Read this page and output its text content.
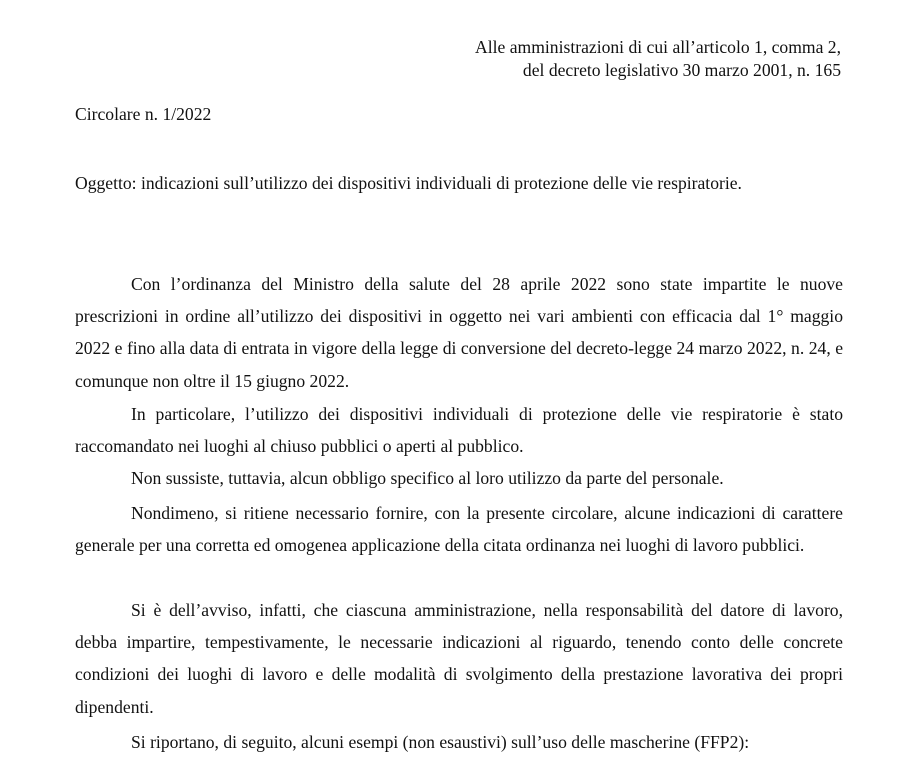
Alle amministrazioni di cui all’articolo 1, comma 2,
del decreto legislativo 30 marzo 2001, n. 165
Circolare n. 1/2022
Oggetto: indicazioni sull’utilizzo dei dispositivi individuali di protezione delle vie respiratorie.

Con l’ordinanza del Ministro della salute del 28 aprile 2022 sono state impartite le nuove prescrizioni in ordine all’utilizzo dei dispositivi in oggetto nei vari ambienti con efficacia dal 1° maggio 2022 e fino alla data di entrata in vigore della legge di conversione del decreto-legge 24 marzo 2022, n. 24, e comunque non oltre il 15 giugno 2022.

In particolare, l’utilizzo dei dispositivi individuali di protezione delle vie respiratorie è stato raccomandato nei luoghi al chiuso pubblici o aperti al pubblico.

Non sussiste, tuttavia, alcun obbligo specifico al loro utilizzo da parte del personale.

Nondimeno, si ritiene necessario fornire, con la presente circolare, alcune indicazioni di carattere generale per una corretta ed omogenea applicazione della citata ordinanza nei luoghi di lavoro pubblici.

Si è dell’avviso, infatti, che ciascuna amministrazione, nella responsabilità del datore di lavoro, debba impartire, tempestivamente, le necessarie indicazioni al riguardo, tenendo conto delle concrete condizioni dei luoghi di lavoro e delle modalità di svolgimento della prestazione lavorativa dei propri dipendenti.

Si riportano, di seguito, alcuni esempi (non esaustivi) sull’uso delle mascherine (FFP2):
